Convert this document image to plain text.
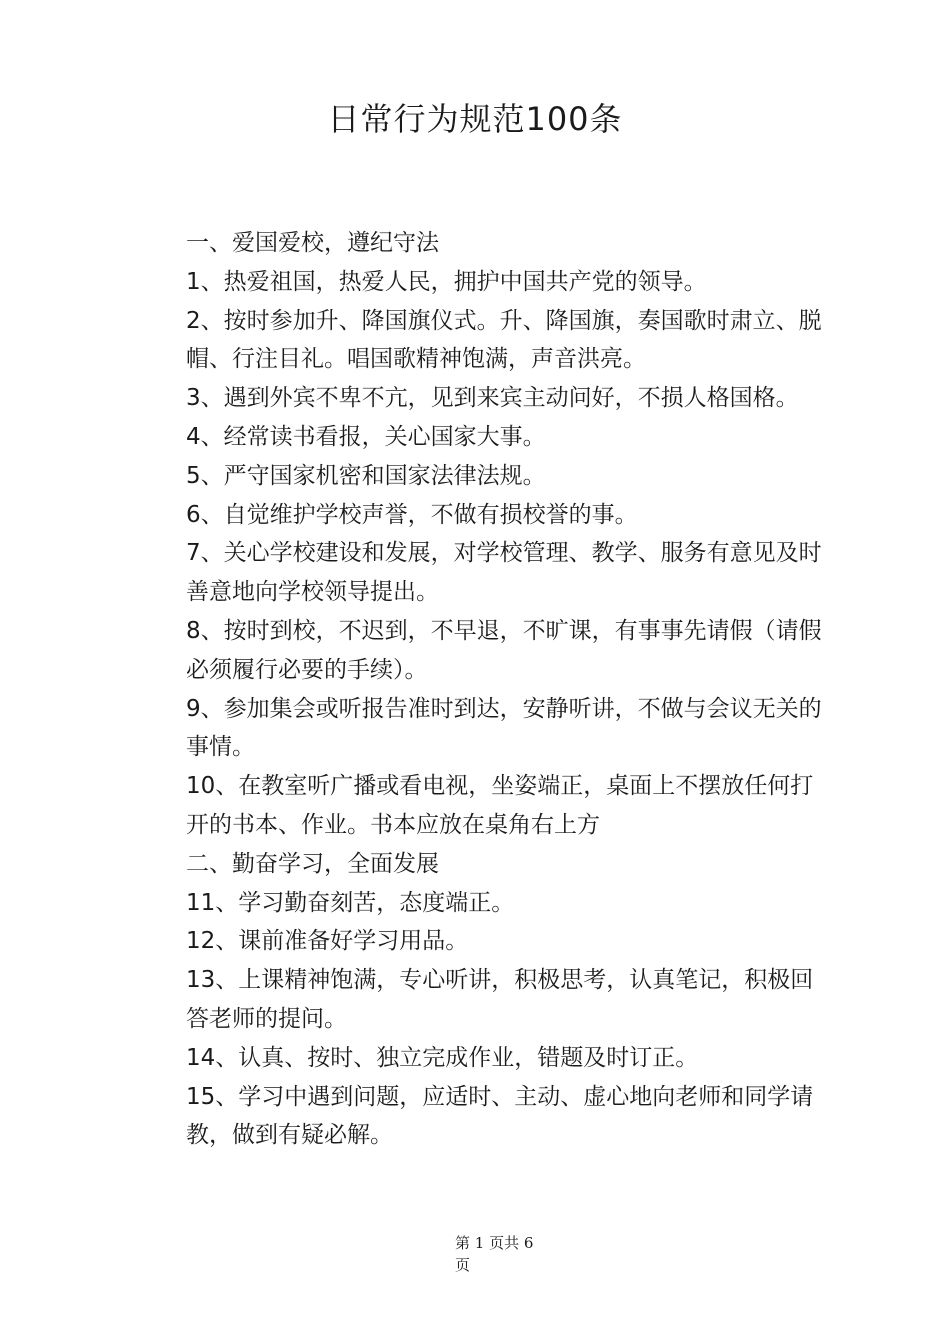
日常行为规范100条

一、爱国爱校，遵纪守法

1、热爱祖国，热爱人民，拥护中国共产党的领导。

2、按时参加升、降国旗仪式。升、降国旗，奏国歌时肃立、脱帽、行注目礼。唱国歌精神饱满，声音洪亮。

3、遇到外宾不卑不亢，见到来宾主动问好，不损人格国格。

4、经常读书看报，关心国家大事。

5、严守国家机密和国家法律法规。

6、自觉维护学校声誉，不做有损校誉的事。

7、关心学校建设和发展，对学校管理、教学、服务有意见及时善意地向学校领导提出。

8、按时到校，不迟到，不早退，不旷课，有事事先请假（请假必须履行必要的手续）。

9、参加集会或听报告准时到达，安静听讲，不做与会议无关的事情。

10、在教室听广播或看电视，坐姿端正，桌面上不摆放任何打开的书本、作业。书本应放在桌角右上方

二、勤奋学习，全面发展

11、学习勤奋刻苦，态度端正。

12、课前准备好学习用品。

13、上课精神饱满，专心听讲，积极思考，认真笔记，积极回答老师的提问。

14、认真、按时、独立完成作业，错题及时订正。

15、学习中遇到问题，应适时、主动、虚心地向老师和同学请教，做到有疑必解。

第 1 页共 6
页
